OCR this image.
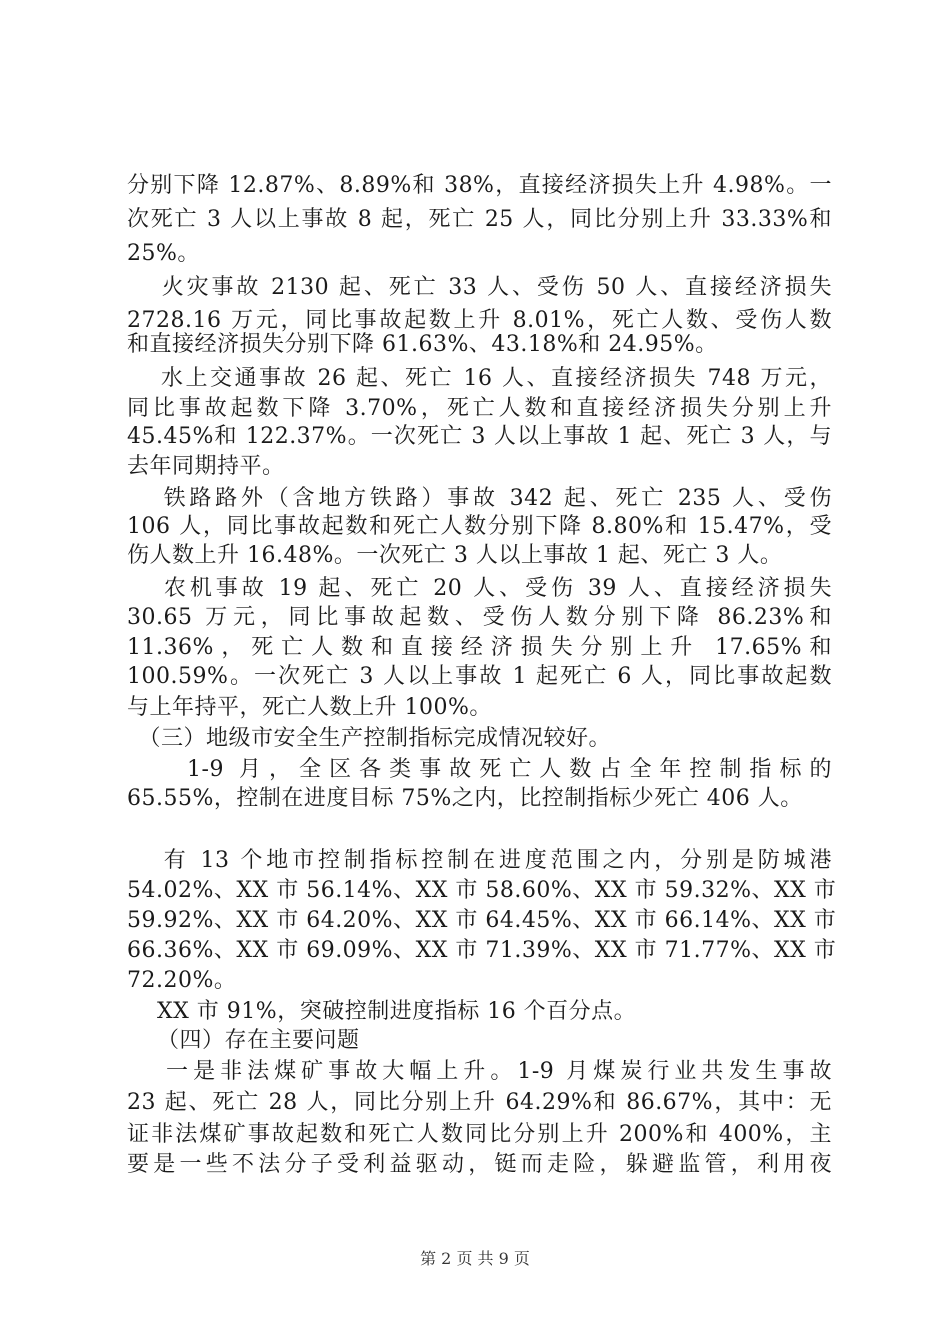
分别下降 12.87%、8.89%和 38%，直接经济损失上升 4.98%。一
次死亡 3 人以上事故 8 起，死亡 25 人，同比分别上升 33.33%和
25%。
　 火灾事故 2130 起、死亡 33 人、受伤 50 人、直接经济损失
2728.16 万元，同比事故起数上升 8.01%，死亡人数、受伤人数
和直接经济损失分别下降 61.63%、43.18%和 24.95%。
　 水上交通事故 26 起、死亡 16 人、直接经济损失 748 万元，
同比事故起数下降 3.70%，死亡人数和直接经济损失分别上升
45.45%和 122.37%。一次死亡 3 人以上事故 1 起、死亡 3 人，与
去年同期持平。
　 铁路路外（含地方铁路）事故 342 起、死亡 235 人、受伤
106 人，同比事故起数和死亡人数分别下降 8.80%和 15.47%，受
伤人数上升 16.48%。一次死亡 3 人以上事故 1 起、死亡 3 人。
　 农机事故 19 起、死亡 20 人、受伤 39 人、直接经济损失
30.65 万元，同比事故起数、受伤人数分别下降 86.23%和
11.36%，死亡人数和直接经济损失分别上升 17.65%和
100.59%。一次死亡 3 人以上事故 1 起死亡 6 人，同比事故起数
与上年持平，死亡人数上升 100%。
　（三）地级市安全生产控制指标完成情况较好。
　　1-9 月，全区各类事故死亡人数占全年控制指标的
65.55%，控制在进度目标 75%之内，比控制指标少死亡 406 人。
　 有 13 个地市控制指标控制在进度范围之内，分别是防城港
54.02%、XX 市 56.14%、XX 市 58.60%、XX 市 59.32%、XX 市
59.92%、XX 市 64.20%、XX 市 64.45%、XX 市 66.14%、XX 市
66.36%、XX 市 69.09%、XX 市 71.39%、XX 市 71.77%、XX 市
72.20%。
　 XX 市 91%，突破控制进度指标 16 个百分点。
　 （四）存在主要问题
　 一是非法煤矿事故大幅上升。1-9 月煤炭行业共发生事故
23 起、死亡 28 人，同比分别上升 64.29%和 86.67%，其中：无
证非法煤矿事故起数和死亡人数同比分别上升 200%和 400%，主
要是一些不法分子受利益驱动，铤而走险，躲避监管，利用夜
第 2 页 共 9 页
